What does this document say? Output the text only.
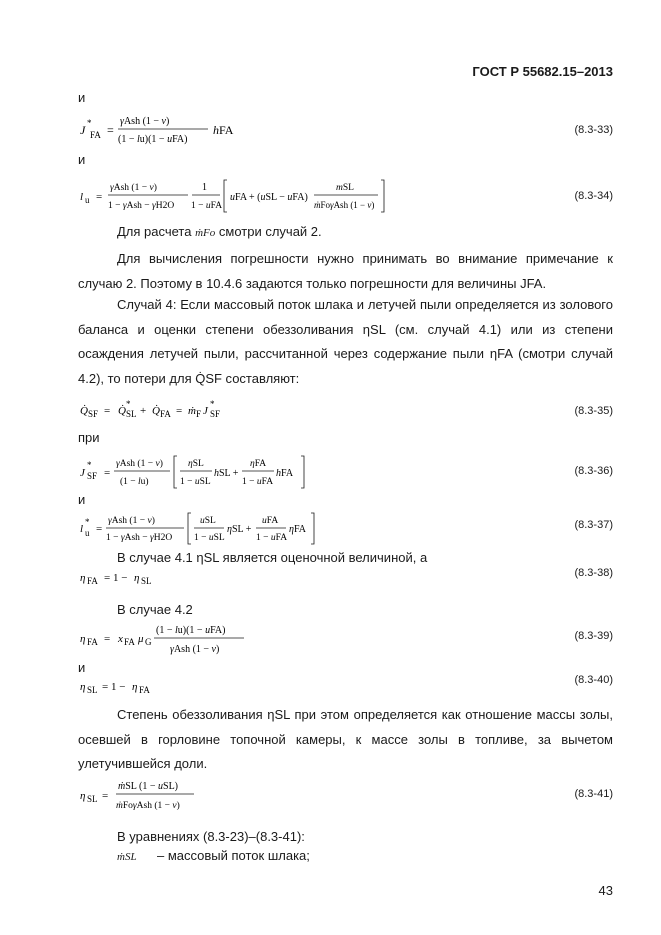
ГОСТ Р 55682.15–2013
и
J *
FA =
γAsh (1 − ν)
(1 − lu)(1 − uFA)
hFA	(8.3-33)
и
l u =
γAsh (1 − ν)
1 − γAsh − γH2O
1
1 − uFA
uFA + (uSL − uFA)
mSL
ṁFoγAsh (1 − ν)
(8.3-34)
Для расчета ṁFo смотри случай 2.
Для вычисления погрешности нужно принимать во внимание примечание к случаю 2. Поэтому в 10.4.6 задаются только погрешности для величины JFA.
Случай 4: Если массовый поток шлака и летучей пыли определяется из золового баланса и оценки степени обеззоливания ηSL (см. случай 4.1) или из степени осаждения летучей пыли, рассчитанной через содержание пыли ηFA (смотри случай 4.2), то потери для Q̇SF составляют:
Q̇ SF = Q̇
*
SL + Q̇ FA = ṁ F J
*
SF	(8.3-35)
при
J
*
SF =
γAsh (1 − ν)
(1 − lu)
ηSL
1 − uSL
hSL +
ηFA
1 − uFA
hFA	(8.3-36)
и
l
*
u =
γAsh (1 − ν)
1 − γAsh − γH2O
uSL
1 − uSL
ηSL +
uFA
1 − uFA
ηFA	(8.3-37)
В случае 4.1 ηSL является оценочной величиной, а
η FA = 1 − η SL
(8.3-38)
В случае 4.2
η FA = x FA μ G
(1 − lu)(1 − uFA)
γAsh (1 − ν)
(8.3-39)
и
η SL = 1 − η FA
(8.3-40)
Степень обеззоливания ηSL при этом определяется как отношение массы золы, осевшей в горловине топочной камеры, к массе золы в топливе, за вычетом улетучившейся доли.
η SL =
ṁSL (1 − uSL)
ṁFoγAsh (1 − ν)
(8.3-41)
В уравнениях (8.3-23)–(8.3-41):
ṁSL – массовый поток шлака;
43
